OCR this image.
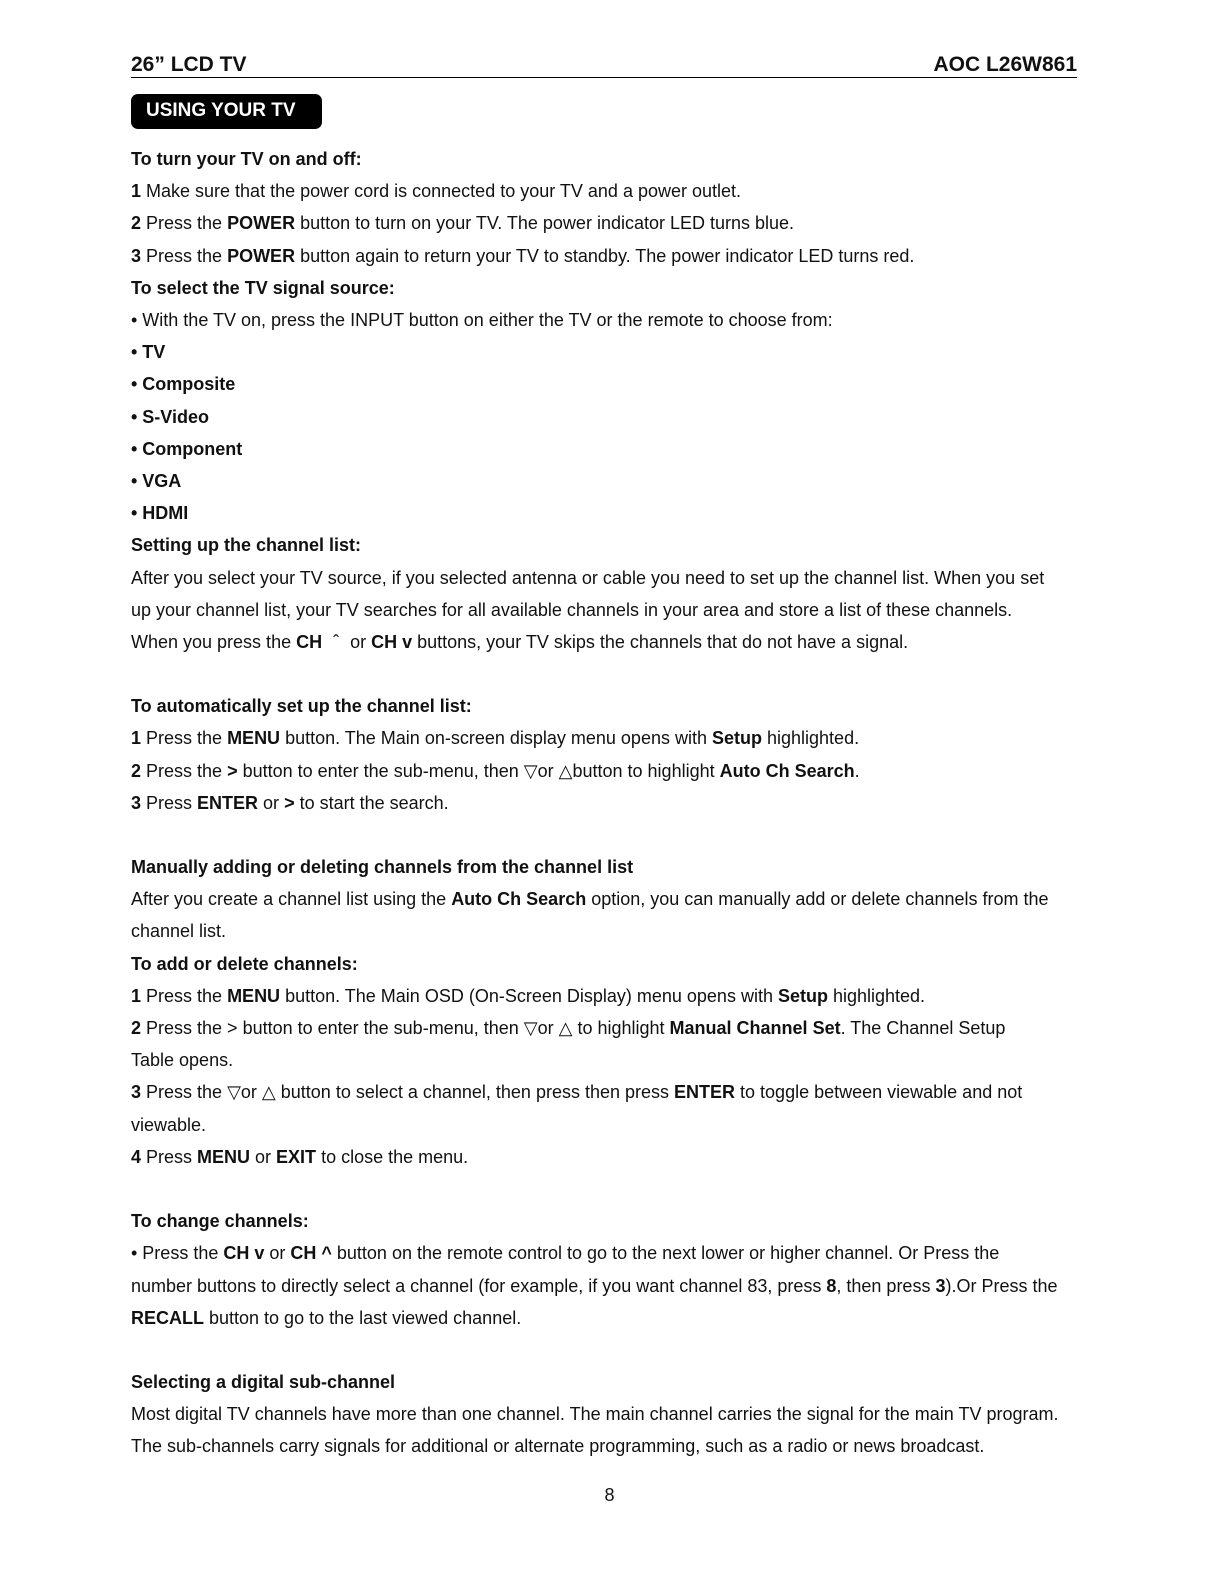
26” LCD TV	AOC L26W861
USING YOUR TV

To turn your TV on and off:

1 Make sure that the power cord is connected to your TV and a power outlet.

2 Press the POWER button to turn on your TV. The power indicator LED turns blue.

3 Press the POWER button again to return your TV to standby. The power indicator LED turns red.

To select the TV signal source:

• With the TV on, press the INPUT button on either the TV or the remote to choose from:

• TV

• Composite

• S-Video

• Component

• VGA

• HDMI

Setting up the channel list:

After you select your TV source, if you selected antenna or cable you need to set up the channel list. When you set

up your channel list, your TV searches for all available channels in your area and store a list of these channels.

When you press the CH ˆ or CH v buttons, your TV skips the channels that do not have a signal.

To automatically set up the channel list:

1 Press the MENU button. The Main on-screen display menu opens with Setup highlighted.

2 Press the > button to enter the sub-menu, then ▽or △button to highlight Auto Ch Search.

3 Press ENTER or > to start the search.

Manually adding or deleting channels from the channel list

After you create a channel list using the Auto Ch Search option, you can manually add or delete channels from the

channel list.

To add or delete channels:

1 Press the MENU button. The Main OSD (On-Screen Display) menu opens with Setup highlighted.

2 Press the > button to enter the sub-menu, then ▽or △ to highlight Manual Channel Set. The Channel Setup

Table opens.

3 Press the ▽or △ button to select a channel, then press then press ENTER to toggle between viewable and not

viewable.

4 Press MENU or EXIT to close the menu.

To change channels:

• Press the CH v or CH ^ button on the remote control to go to the next lower or higher channel. Or Press the

number buttons to directly select a channel (for example, if you want channel 83, press 8, then press 3).Or Press the

RECALL button to go to the last viewed channel.

Selecting a digital sub-channel

Most digital TV channels have more than one channel. The main channel carries the signal for the main TV program.

The sub-channels carry signals for additional or alternate programming, such as a radio or news broadcast.

8
